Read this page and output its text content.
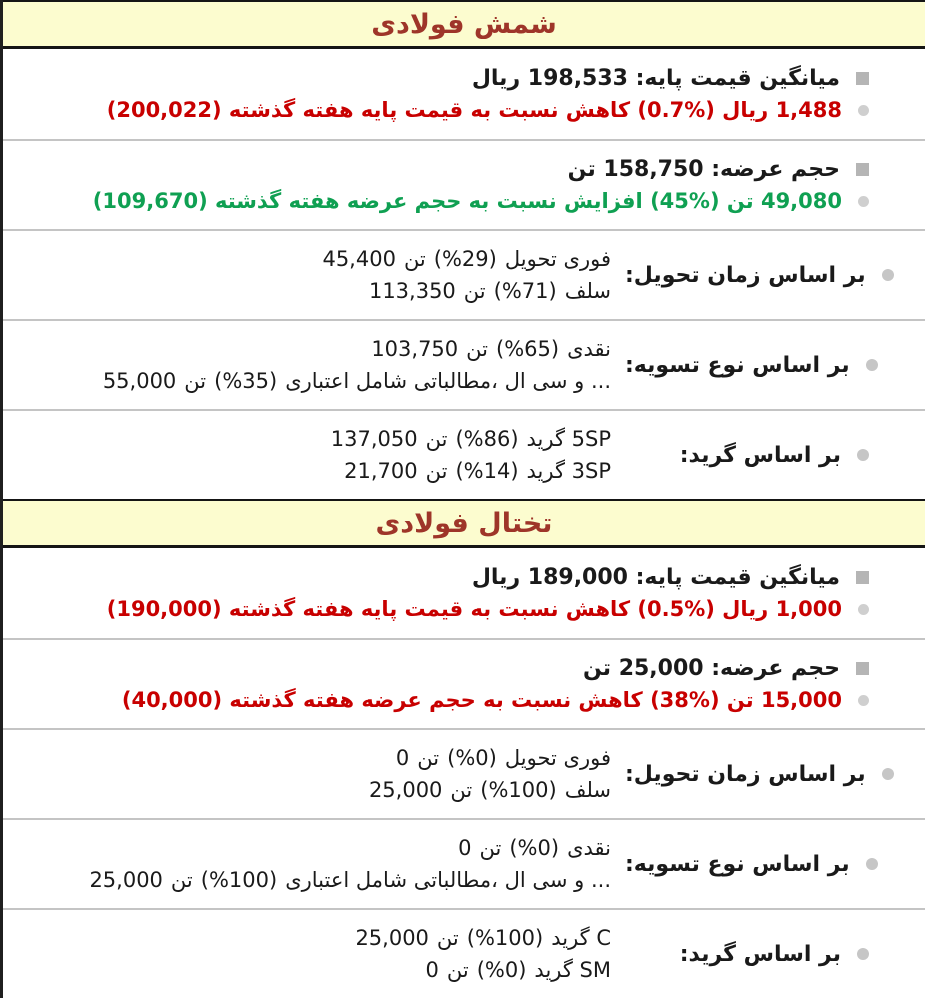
شمش فولادی
میانگین قیمت پایه: 198,533 ریال
1,488 ریال (%0.7) کاهش نسبت به قیمت پایه هفته گذشته (200,022)
حجم عرضه: 158,750 تن
49,080 تن (%45) افزایش نسبت به حجم عرضه هفته گذشته (109,670)
45,400 تن (%29) تحویل‎ فوری
113,350 تن (%71) سلف
بر اساس زمان تحویل:
103,750 تن (%65) نقدی
55,000 تن (%35) اعتباری‎ شامل‎ مطالباتی،‎ ال‎ سی‎ و‎ ...
بر اساس نوع تسویه:
137,050 تن (%86) گرید‎ 5SP
21,700 تن (%14) گرید‎ 3SP
بر اساس گرید:
تختال فولادی
میانگین قیمت پایه: 189,000 ریال
1,000 ریال (%0.5) کاهش نسبت به قیمت پایه هفته گذشته (190,000)
حجم عرضه: 25,000 تن
15,000 تن (%38) کاهش نسبت به حجم عرضه هفته گذشته (40,000)
0 تن (%0) تحویل‎ فوری
25,000 تن (%100) سلف
بر اساس زمان تحویل:
0 تن (%0) نقدی
25,000 تن (%100) اعتباری‎ شامل‎ مطالباتی،‎ ال‎ سی‎ و‎ ...
بر اساس نوع تسویه:
25,000 تن (%100) گرید‎ C
0 تن (%0) گرید‎ SM
بر اساس گرید:
